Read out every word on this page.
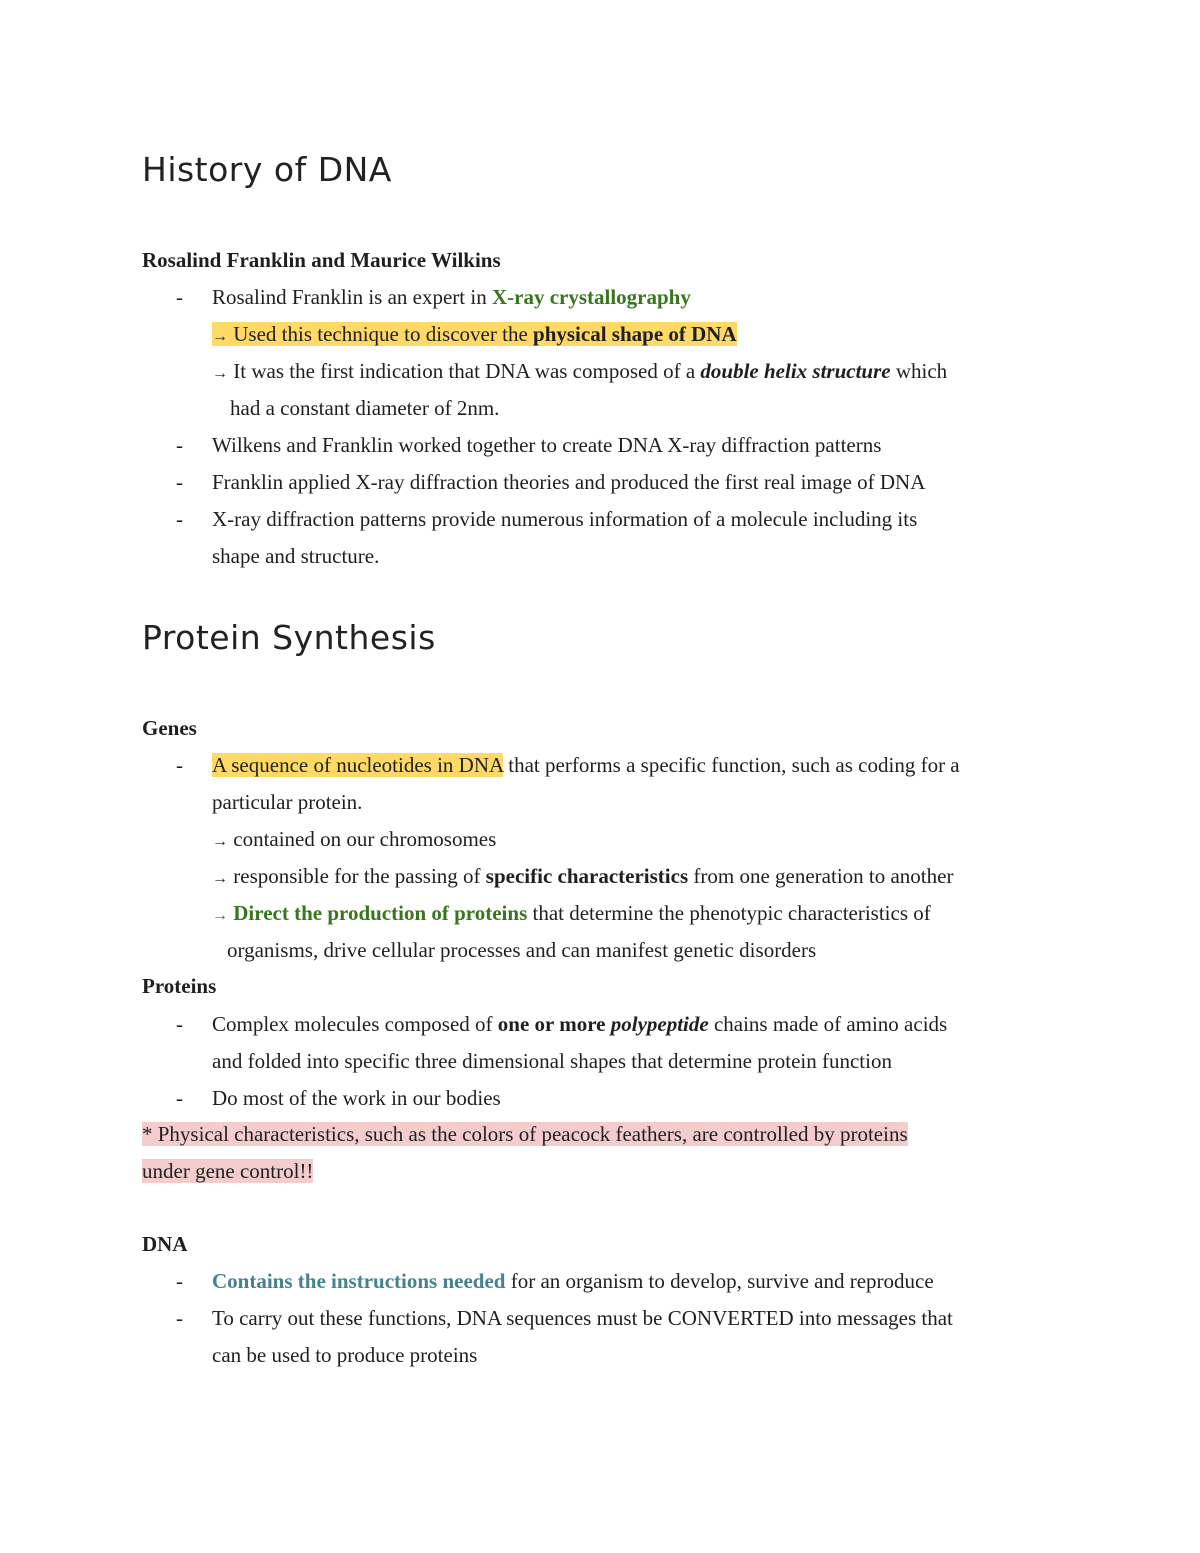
History of DNA
Rosalind Franklin and Maurice Wilkins
- Rosalind Franklin is an expert in X-ray crystallography
→ Used this technique to discover the physical shape of DNA
→ It was the first indication that DNA was composed of a double helix structure which
had a constant diameter of 2nm.
- Wilkens and Franklin worked together to create DNA X-ray diffraction patterns
- Franklin applied X-ray diffraction theories and produced the first real image of DNA
- X-ray diffraction patterns provide numerous information of a molecule including its
shape and structure.
Protein Synthesis
Genes
- A sequence of nucleotides in DNA that performs a specific function, such as coding for a
particular protein.
→ contained on our chromosomes
→ responsible for the passing of specific characteristics from one generation to another
→ Direct the production of proteins that determine the phenotypic characteristics of
organisms, drive cellular processes and can manifest genetic disorders
Proteins
- Complex molecules composed of one or more polypeptide chains made of amino acids
and folded into specific three dimensional shapes that determine protein function
- Do most of the work in our bodies
* Physical characteristics, such as the colors of peacock feathers, are controlled by proteins
under gene control!!
DNA
- Contains the instructions needed for an organism to develop, survive and reproduce
- To carry out these functions, DNA sequences must be CONVERTED into messages that
can be used to produce proteins
